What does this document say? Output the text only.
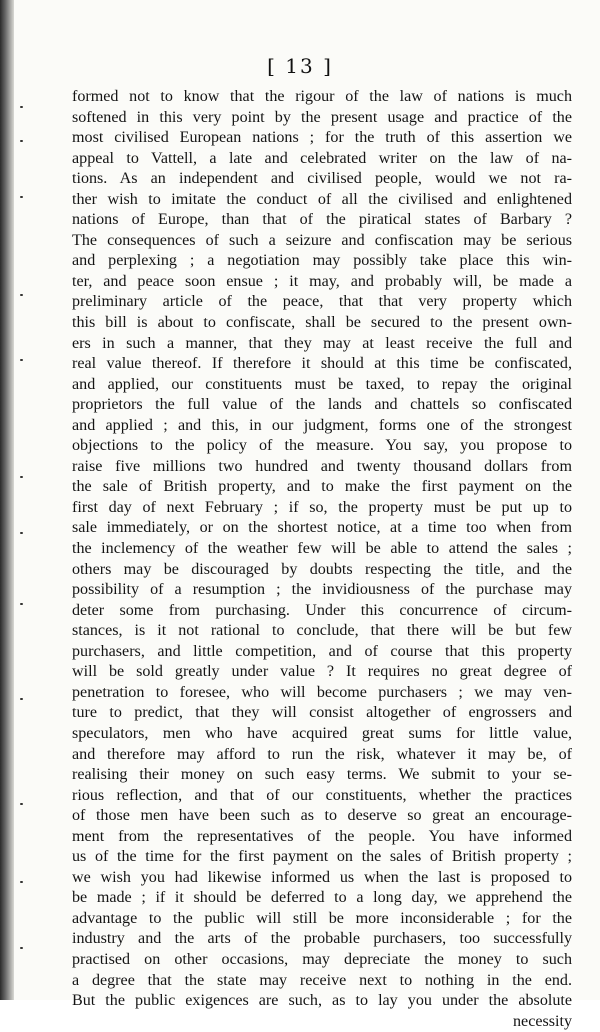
[ 13 ]
formed not to know that the rigour of the law of nations is much
softened in this very point by the present usage and practice of the
most civilised European nations ; for the truth of this assertion we
appeal to Vattell, a late and celebrated writer on the law of na-
tions. As an independent and civilised people, would we not ra-
ther wish to imitate the conduct of all the civilised and enlightened
nations of Europe, than that of the piratical states of Barbary ?
The consequences of such a seizure and confiscation may be serious
and perplexing ; a negotiation may possibly take place this win-
ter, and peace soon ensue ; it may, and probably will, be made a
preliminary article of the peace, that that very property which
this bill is about to confiscate, shall be secured to the present own-
ers in such a manner, that they may at least receive the full and
real value thereof. If therefore it should at this time be confiscated,
and applied, our constituents must be taxed, to repay the original
proprietors the full value of the lands and chattels so confiscated
and applied ; and this, in our judgment, forms one of the strongest
objections to the policy of the measure. You say, you propose to
raise five millions two hundred and twenty thousand dollars from
the sale of British property, and to make the first payment on the
first day of next February ; if so, the property must be put up to
sale immediately, or on the shortest notice, at a time too when from
the inclemency of the weather few will be able to attend the sales ;
others may be discouraged by doubts respecting the title, and the
possibility of a resumption ; the invidiousness of the purchase may
deter some from purchasing. Under this concurrence of circum-
stances, is it not rational to conclude, that there will be but few
purchasers, and little competition, and of course that this property
will be sold greatly under value ? It requires no great degree of
penetration to foresee, who will become purchasers ; we may ven-
ture to predict, that they will consist altogether of engrossers and
speculators, men who have acquired great sums for little value,
and therefore may afford to run the risk, whatever it may be, of
realising their money on such easy terms. We submit to your se-
rious reflection, and that of our constituents, whether the practices
of those men have been such as to deserve so great an encourage-
ment from the representatives of the people. You have informed
us of the time for the first payment on the sales of British property ;
we wish you had likewise informed us when the last is proposed to
be made ; if it should be deferred to a long day, we apprehend the
advantage to the public will still be more inconsiderable ; for the
industry and the arts of the probable purchasers, too successfully
practised on other occasions, may depreciate the money to such
a degree that the state may receive next to nothing in the end.
But the public exigences are such, as to lay you under the absolute
necessity
